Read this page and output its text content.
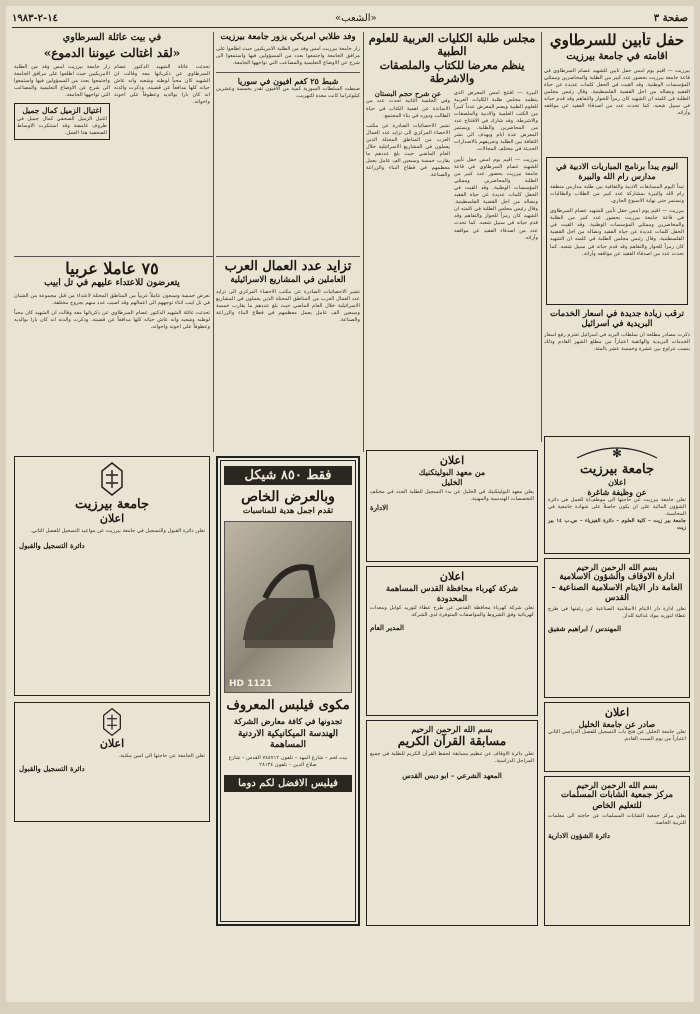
صفحة ٣
«الشعب»
١٤-٢-١٩٨٣
حفل تأبين للسرطاوي
اقامته في جامعة بيرزيت
بيرزيت — اقيم يوم امس حفل تأبين للشهيد عصام السرطاوي في قاعة جامعة بيرزيت بحضور عدد كبير من الطلبة والمحاضرين وممثلي المؤسسات الوطنية. وقد القيت في الحفل كلمات عديدة عن حياة الفقيد ونضاله من اجل القضية الفلسطينية. وقال رئيس مجلس الطلبة في كلمته ان الشهيد كان رمزاً للحوار والتفاهم وقد قدم حياته في سبيل شعبه. كما تحدث عدد من اصدقاء الفقيد عن مواقفه وآرائه.
اليوم يبدأ برنامج المباريات الادبية في مدارس رام الله والبيرة
تبدأ اليوم المسابقات الادبية والثقافية بين طلبة مدارس منطقة رام الله والبيرة بمشاركة عدد كبير من الطلاب والطالبات وتستمر حتى نهاية الاسبوع الجاري.
بيرزيت — اقيم يوم امس حفل تأبين للشهيد عصام السرطاوي في قاعة جامعة بيرزيت بحضور عدد كبير من الطلبة والمحاضرين وممثلي المؤسسات الوطنية. وقد القيت في الحفل كلمات عديدة عن حياة الفقيد ونضاله من اجل القضية الفلسطينية. وقال رئيس مجلس الطلبة في كلمته ان الشهيد كان رمزاً للحوار والتفاهم وقد قدم حياته في سبيل شعبه. كما تحدث عدد من اصدقاء الفقيد عن مواقفه وآرائه.
ترقب زيادة جديدة في اسعار الخدمات البريدية في اسرائيل
ذكرت مصادر مطلعة ان سلطات البريد في اسرائيل تعتزم رفع اسعار الخدمات البريدية والهاتفية اعتباراً من مطلع الشهر القادم وذلك بنسب تتراوح بين عشرة وخمسة عشر بالمئة.
مجلس طلبة الكليات العربية للعلوم الطبية
ينظم معرضا للكتاب والملصقات والاشرطة
البيرة — افتتح امس المعرض الذي ينظمه مجلس طلبة الكليات العربية للعلوم الطبية ويضم المعرض عدداً كبيراً من الكتب العلمية والادبية والملصقات والاشرطة. وقد شارك في الافتتاح عدد من المحاضرين والطلبة. ويستمر المعرض عدة ايام ويهدف الى نشر الثقافة بين الطلبة وتعريفهم بالاصدارات الحديثة في مختلف المجالات.
بيرزيت — اقيم يوم امس حفل تأبين للشهيد عصام السرطاوي في قاعة جامعة بيرزيت بحضور عدد كبير من الطلبة والمحاضرين وممثلي المؤسسات الوطنية. وقد القيت في الحفل كلمات عديدة عن حياة الفقيد ونضاله من اجل القضية الفلسطينية. وقال رئيس مجلس الطلبة في كلمته ان الشهيد كان رمزاً للحوار والتفاهم وقد قدم حياته في سبيل شعبه. كما تحدث عدد من اصدقاء الفقيد عن مواقفه وآرائه.
عن شرح حجم البستان
وفي الجلسة الثانية تحدث عدد من الاساتذة عن اهمية الكتاب في حياة الطالب ودوره في بناء المجتمع.
تشير الاحصائيات الصادرة عن مكتب الاحصاء المركزي الى تزايد عدد العمال العرب من المناطق المحتلة الذين يعملون في المشاريع الاسرائيلية خلال العام الماضي حيث بلغ عددهم ما يقارب خمسة وسبعين الف عامل يعمل معظمهم في قطاع البناء والزراعة والصناعة.
وفد طلابي امريكي يزور جامعة بيرزيت
زار جامعة بيرزيت امس وفد من الطلبة الامريكيين حيث اطلعوا على مرافق الجامعة واجتمعوا بعدد من المسؤولين فيها واستمعوا الى شرح عن الاوضاع التعليمية والمصاعب التي تواجهها الجامعة.
شبط ٢٥ كغم افيون في سوريا
ضبطت السلطات السورية كمية من الافيون تقدر بخمسة وعشرين كيلوغراما كانت معدة للتهريب.
تزايد عدد العمال العرب
العاملين في المشاريع الاسرائيلية
تشير الاحصائيات الصادرة عن مكتب الاحصاء المركزي الى تزايد عدد العمال العرب من المناطق المحتلة الذين يعملون في المشاريع الاسرائيلية خلال العام الماضي حيث بلغ عددهم ما يقارب خمسة وسبعين الف عامل يعمل معظمهم في قطاع البناء والزراعة والصناعة.
في بيت عائلة السرطاوي
«لقد اغتالت عيوننا الدموع»
تحدثت عائلة الشهيد الدكتور عصام السرطاوي عن ذكرياتها معه وقالت ان الشهيد كان محباً لوطنه وشعبه وانه عاش حياته كلها مدافعاً عن قضيته. وذكرت والدته انه كان بارا بوالديه وعطوفاً على اخوته واخواته.
زار جامعة بيرزيت امس وفد من الطلبة الامريكيين حيث اطلعوا على مرافق الجامعة واجتمعوا بعدد من المسؤولين فيها واستمعوا الى شرح عن الاوضاع التعليمية والمصاعب التي تواجهها الجامعة.
اغتيال الزميل كمال جميل
اغتيل الزميل الصحفي كمال جميل في ظروف غامضة وقد استنكرت الاوساط الصحفية هذا العمل.
٧٥ عاملا عربيا
يتعرضون للاعتداء عليهم في تل ابيب
تعرض خمسة وسبعون عاملاً عربياً من المناطق المحتلة لاعتداء من قبل مجموعة من الشبان في تل ابيب اثناء توجههم الى اعمالهم وقد اصيب عدد منهم بجروح مختلفة.
تحدثت عائلة الشهيد الدكتور عصام السرطاوي عن ذكرياتها معه وقالت ان الشهيد كان محباً لوطنه وشعبه وانه عاش حياته كلها مدافعاً عن قضيته. وذكرت والدته انه كان بارا بوالديه وعطوفاً على اخوته واخواته.
✻
جامعة بيرزيت
اعلان
عن وظيفة شاغرة
تعلن جامعة بيرزيت عن حاجتها الى موظف/ة للعمل في دائرة الشؤون المالية على ان يكون حاصلاً على شهادة جامعية في المحاسبة.
جامعة بير زيت – كلية العلوم – دائرة الفيزياء – ص.ب ١٤ بير زيت
بسم الله الرحمن الرحيم
ادارة الاوقاف والشؤون الاسلامية العامة دار الايتام الاسلامية الصناعية – القدس
تعلن ادارة دار الايتام الاسلامية الصناعية عن رغبتها في طرح عطاء لتوريد مواد غذائية للدار.
المهندس / ابراهيم شفيق
اعلان
صادر عن جامعة الخليل
تعلن جامعة الخليل عن فتح باب التسجيل للفصل الدراسي الثاني اعتباراً من يوم السبت القادم.
بسم الله الرحمن الرحيم
مركز جمعية الشابات المسلمات للتعليم الخاص
يعلن مركز جمعية الشابات المسلمات عن حاجته الى معلمات للتربية الخاصة.
دائرة الشؤون الادارية
اعلان
من معهد البوليتكنيك
الخليل
يعلن معهد البوليتكنيك في الخليل عن بدء التسجيل للطلبة الجدد في مختلف التخصصات الهندسية والمهنية.
الادارة
اعلان
شركة كهرباء محافظة القدس المساهمة المحدودة
تعلن شركة كهرباء محافظة القدس عن طرح عطاء لتوريد كوابل ومعدات كهربائية وفق الشروط والمواصفات المتوفرة لدى الشركة.
المدير العام
بسم الله الرحمن الرحيم
مسابقة القرآن الكريم
تعلن دائرة الاوقاف عن تنظيم مسابقة لحفظ القرآن الكريم للطلبة في جميع المراحل الدراسية.
المعهد الشرعي – ابو ديس القدس
فقط ٨٥٠ شيكل
وبالعرض الخاص
تقدم اجمل هدية للمناسبات
HD 1121
مكوى فيلبس المعروف
تجدونها في كافة معارض الشركة
الهندسة الميكانيكية الاردنية المساهمة
بيت لحم – شارع المهد – تلفون ٧٤٤٧١٢ القدس – شارع صلاح الدين – تلفون ٢٨١٣٤
فيلبس الافضل لكم دوما
جامعة بيرزيت
اعلان
تعلن دائرة القبول والتسجيل في جامعة بيرزيت عن مواعيد التسجيل للفصل الثاني.
دائرة التسجيل والقبول
اعلان
تعلن الجامعة عن حاجتها الى امين مكتبة.
دائرة التسجيل والقبول
